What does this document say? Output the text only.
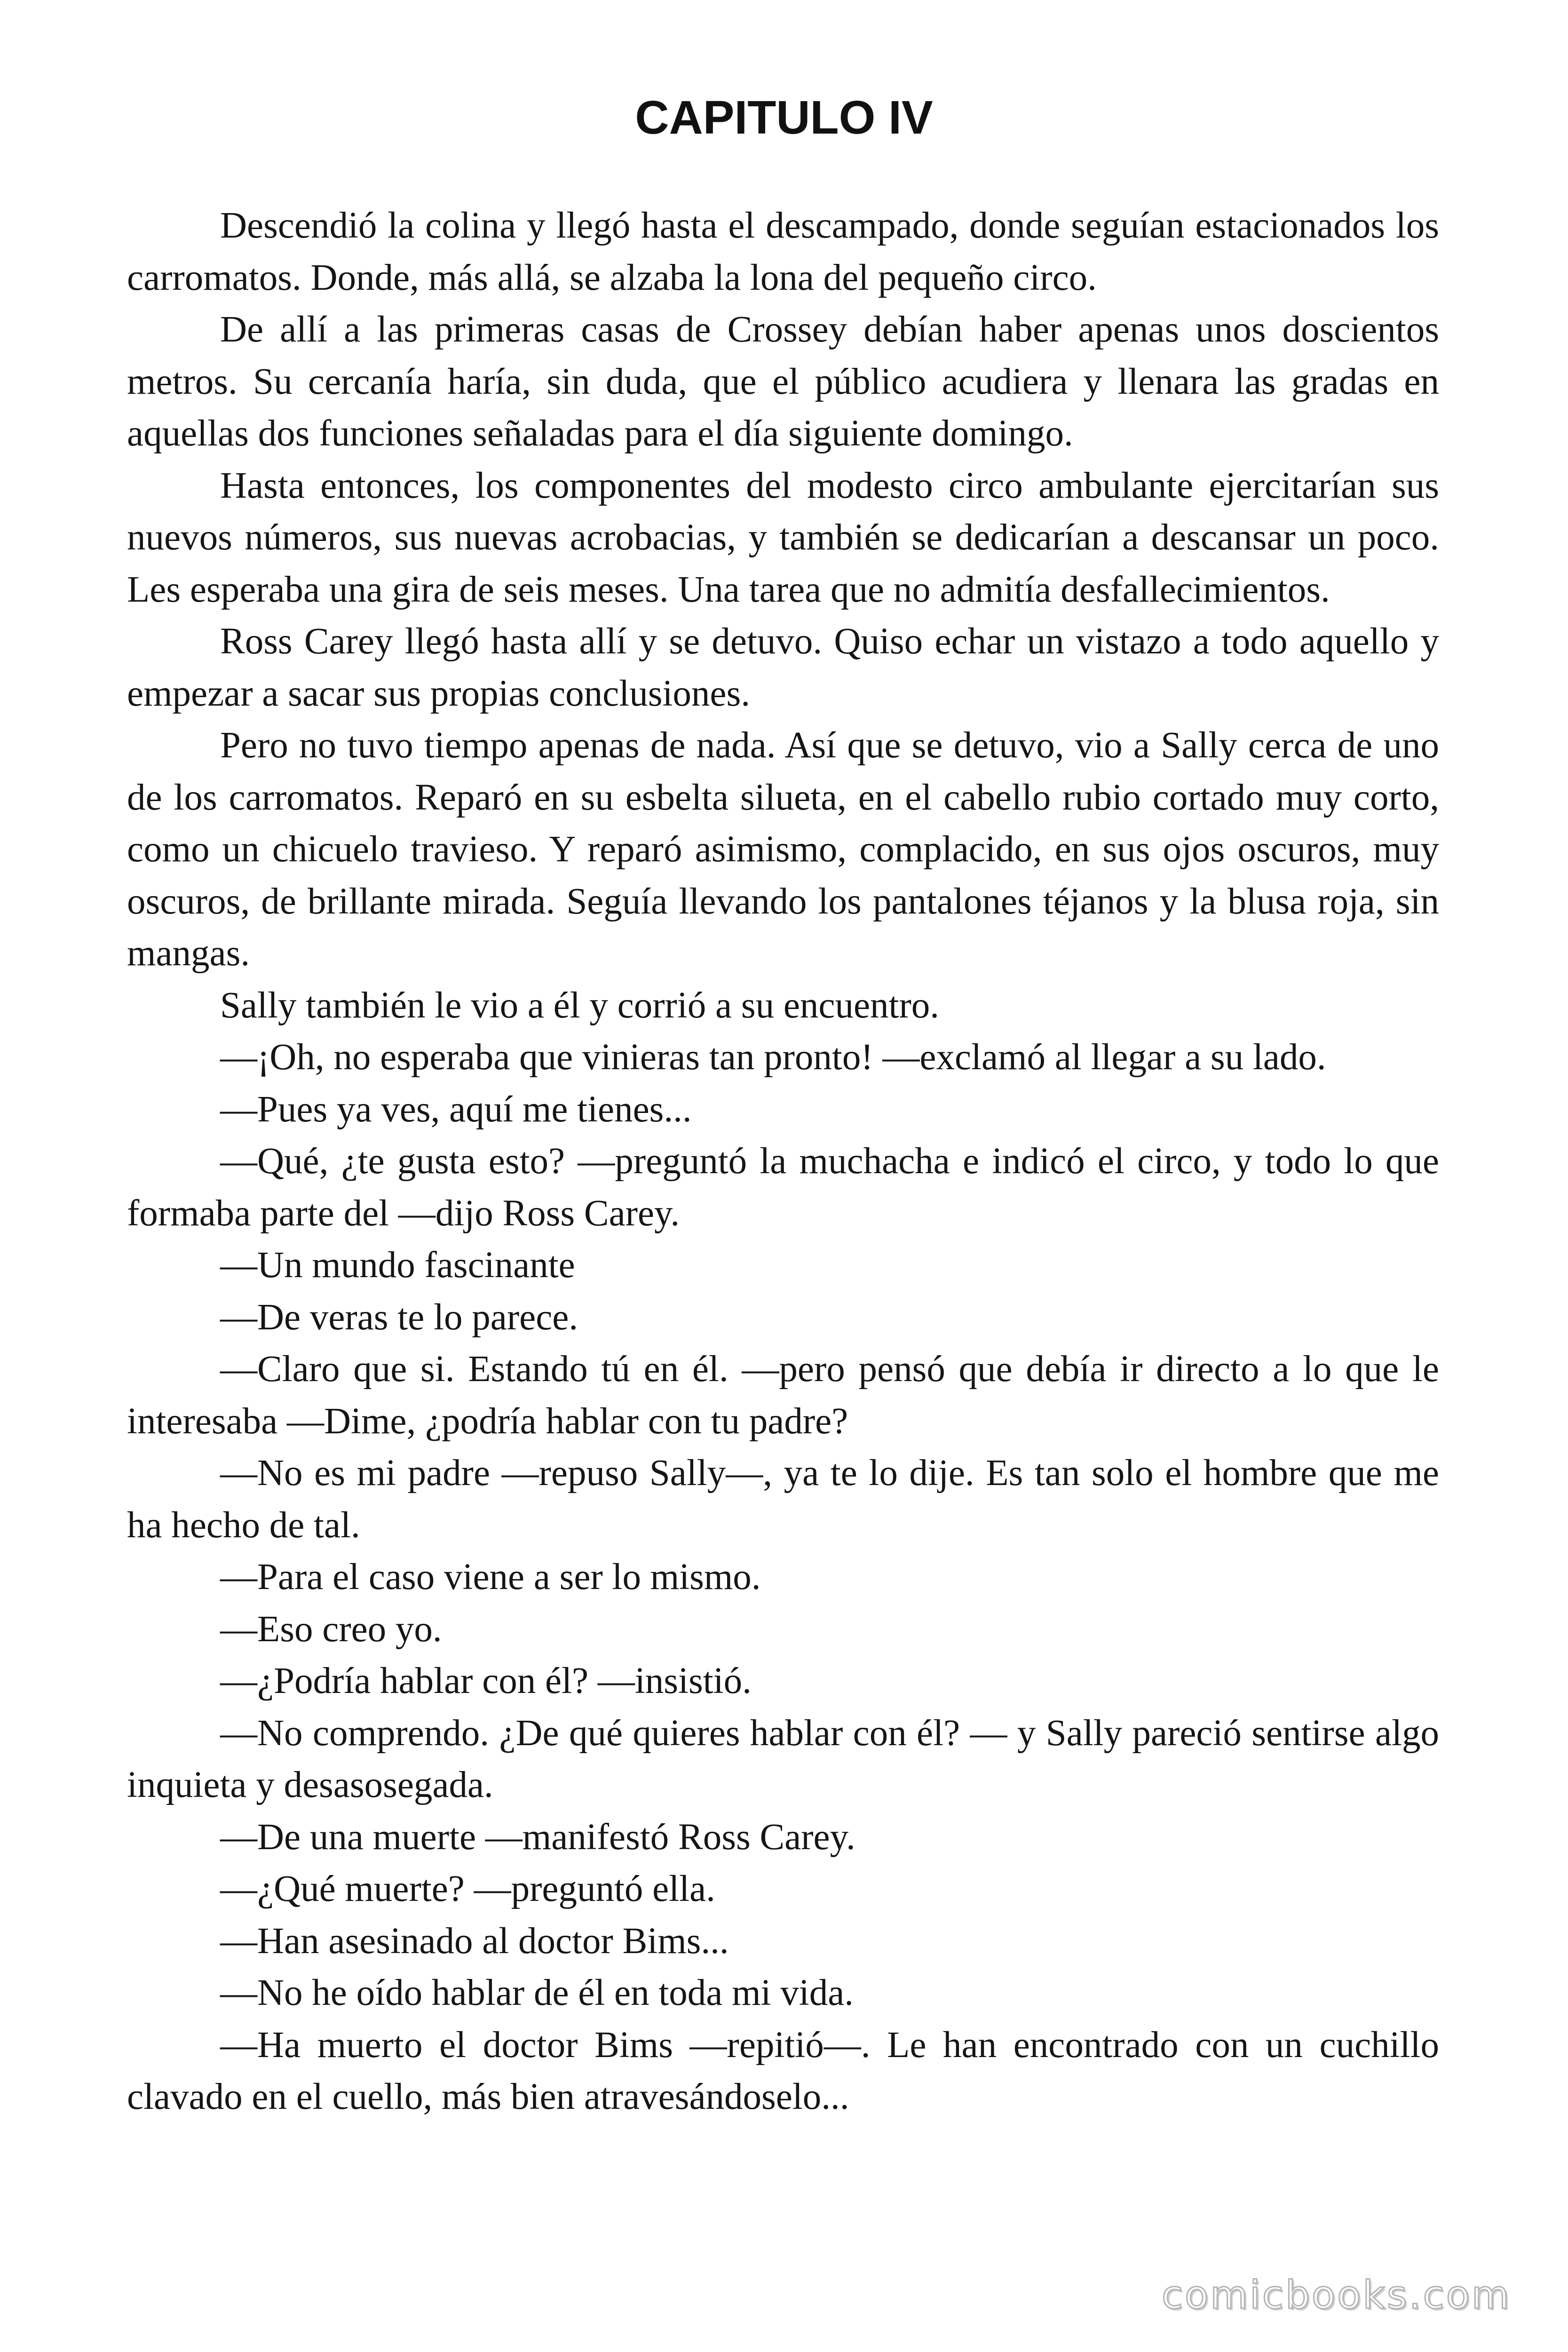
CAPITULO IV

Descendió la colina y llegó hasta el descampado, donde seguían estacionados los carromatos. Donde, más allá, se alzaba la lona del pequeño circo.

De allí a las primeras casas de Crossey debían haber apenas unos doscientos metros. Su cercanía haría, sin duda, que el público acudiera y llenara las gradas en aquellas dos funciones señaladas para el día siguiente domingo.

Hasta entonces, los componentes del modesto circo ambulante ejercitarían sus nuevos números, sus nuevas acrobacias, y también se dedicarían a descansar un poco. Les esperaba una gira de seis meses. Una tarea que no admitía desfallecimientos.

Ross Carey llegó hasta allí y se detuvo. Quiso echar un vistazo a todo aquello y empezar a sacar sus propias conclusiones.

Pero no tuvo tiempo apenas de nada. Así que se detuvo, vio a Sally cerca de uno de los carromatos. Reparó en su esbelta silueta, en el cabello rubio cortado muy corto, como un chicuelo travieso. Y reparó asimismo, complacido, en sus ojos oscuros, muy oscuros, de brillante mirada. Seguía llevando los pantalones téjanos y la blusa roja, sin mangas.

Sally también le vio a él y corrió a su encuentro.

—¡Oh, no esperaba que vinieras tan pronto! —exclamó al llegar a su lado.

—Pues ya ves, aquí me tienes...

—Qué, ¿te gusta esto? —preguntó la muchacha e indicó el circo, y todo lo que formaba parte del —dijo Ross Carey.

—Un mundo fascinante

—De veras te lo parece.

—Claro que si. Estando tú en él. —pero pensó que debía ir directo a lo que le interesaba —Dime, ¿podría hablar con tu padre?

—No es mi padre —repuso Sally—, ya te lo dije. Es tan solo el hombre que me ha hecho de tal.

—Para el caso viene a ser lo mismo.

—Eso creo yo.

—¿Podría hablar con él? —insistió.

—No comprendo. ¿De qué quieres hablar con él? — y Sally pareció sentirse algo inquieta y desasosegada.

—De una muerte —manifestó Ross Carey.

—¿Qué muerte? —preguntó ella.

—Han asesinado al doctor Bims...

—No he oído hablar de él en toda mi vida.

—Ha muerto el doctor Bims —repitió—. Le han encontrado con un cuchillo clavado en el cuello, más bien atravesándoselo...

comicbooks.com
